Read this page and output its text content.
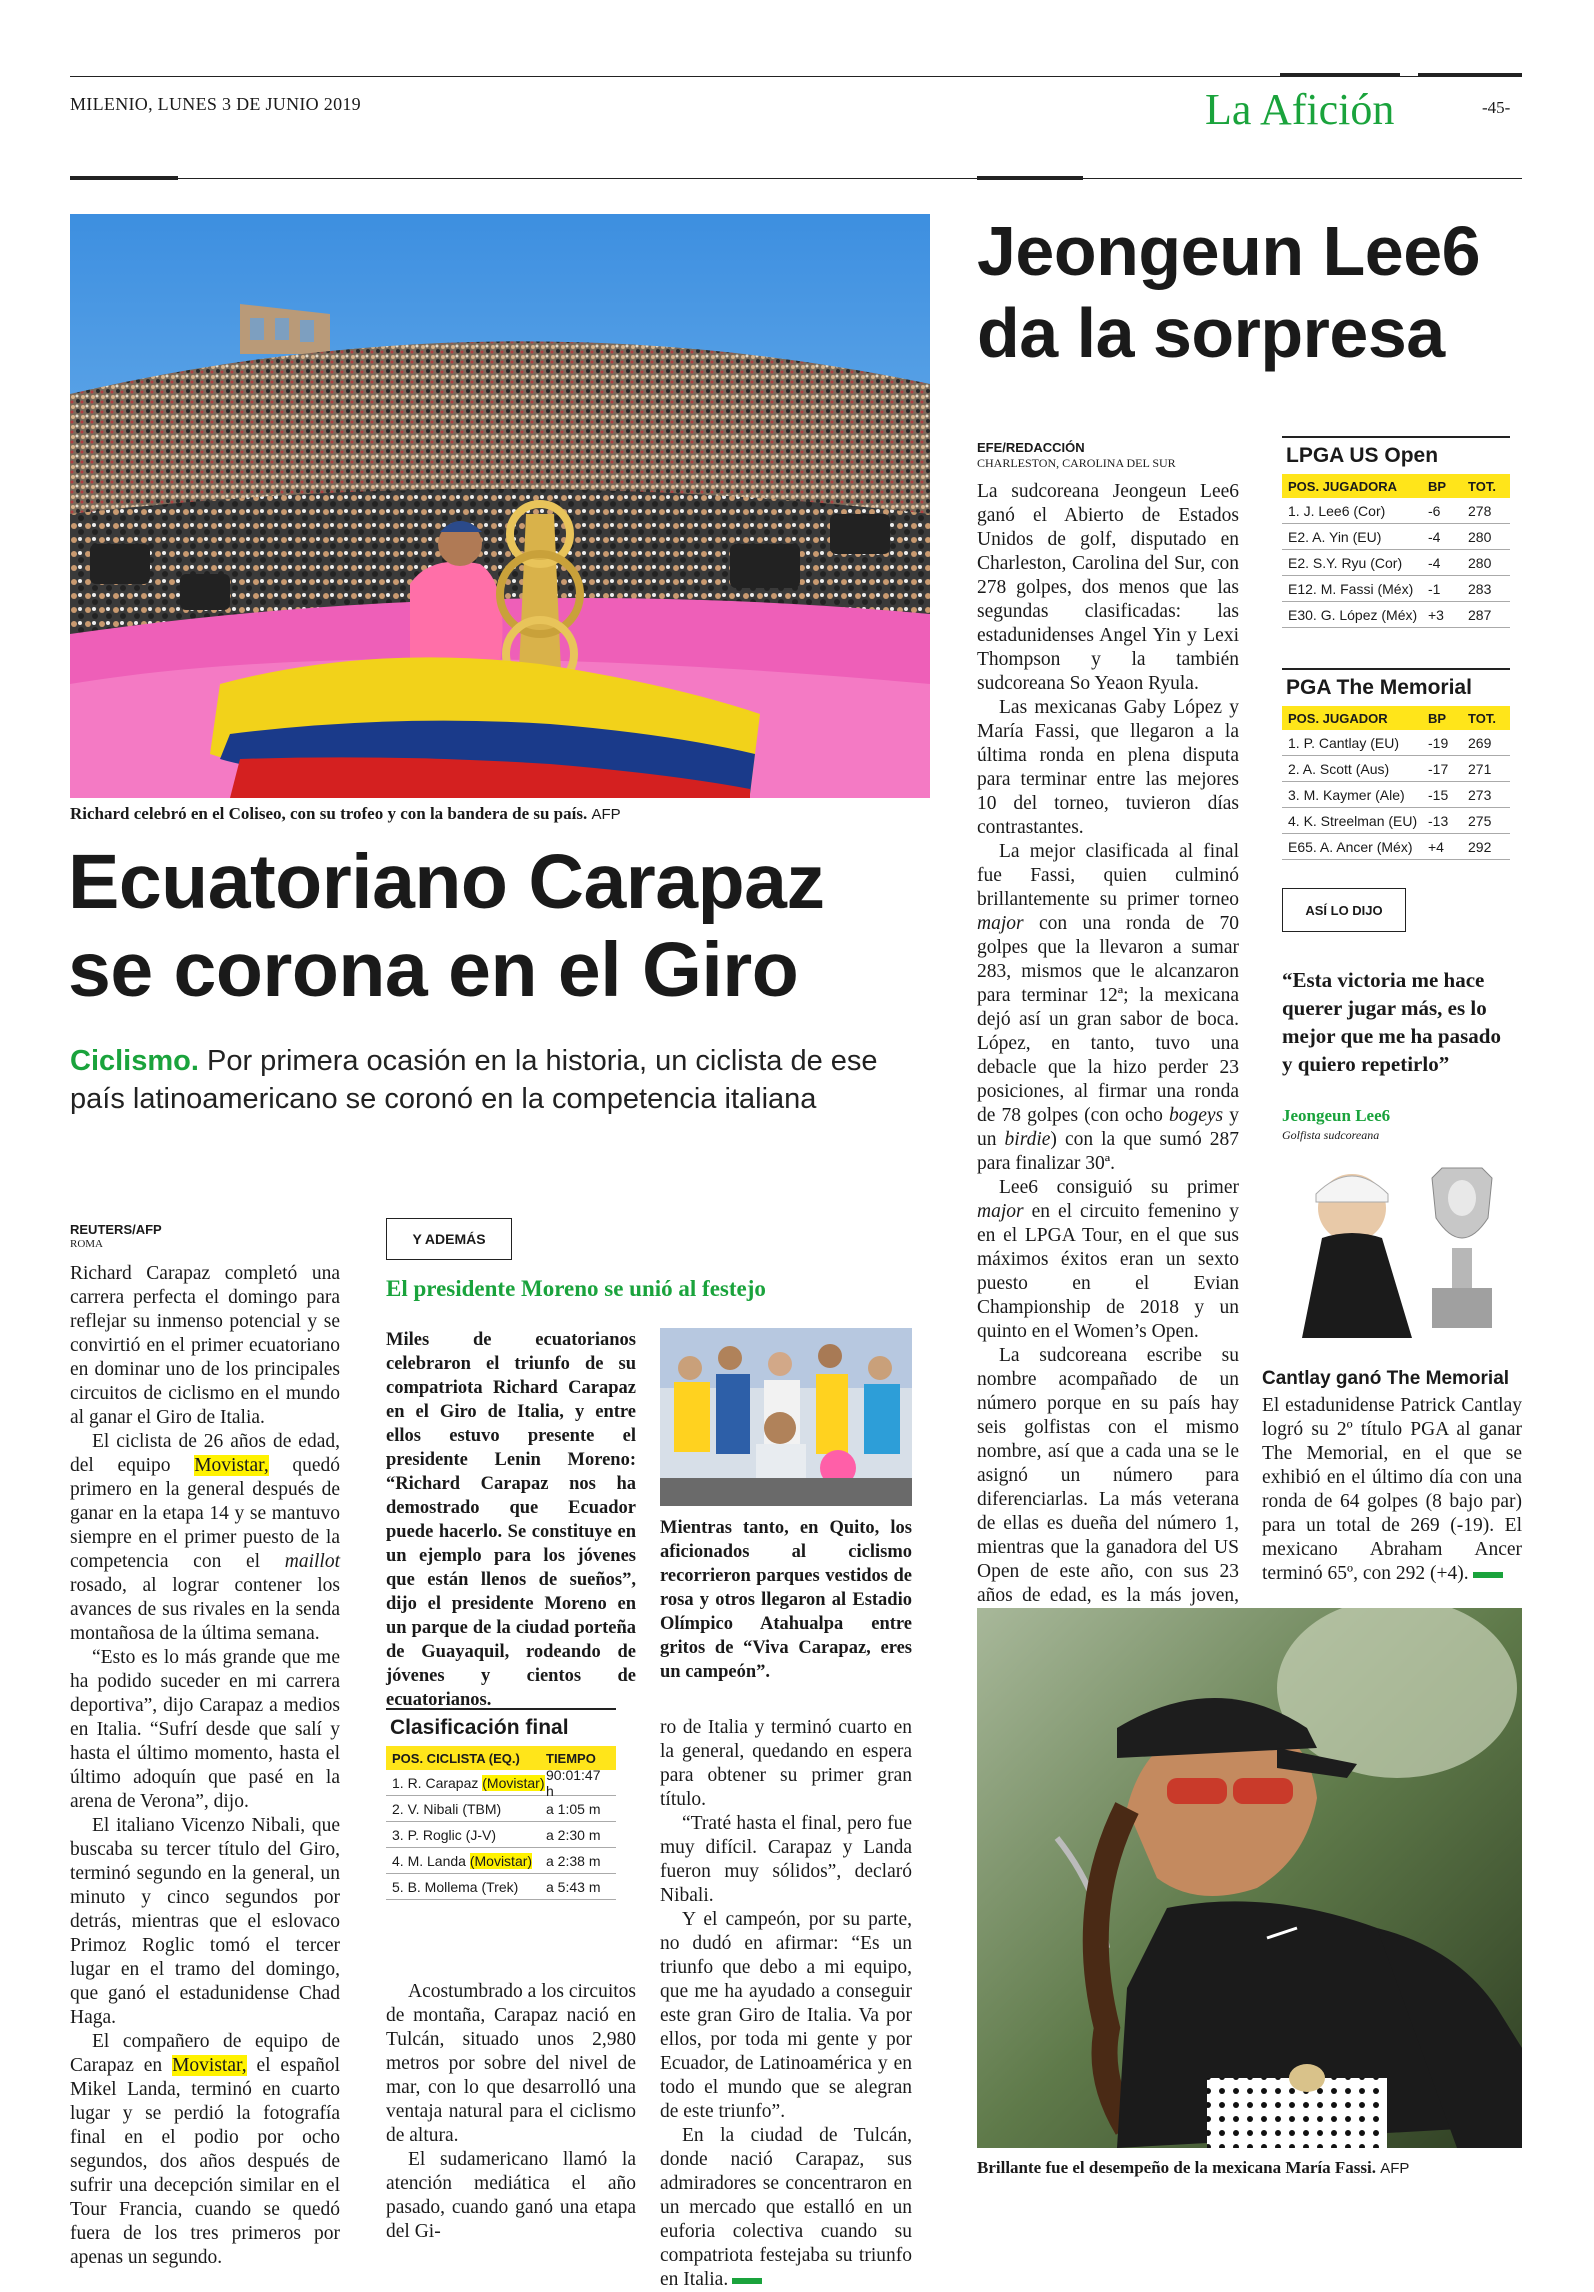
MILENIO, LUNES 3 DE JUNIO 2019	La Afición	-45-
Richard celebró en el Coliseo, con su trofeo y con la bandera de su país. AFP
Ecuatoriano Carapaz
se corona en el Giro
Ciclismo. Por primera ocasión en la historia, un ciclista de ese país latinoamericano se coronó en la competencia italiana
REUTERS/AFP
ROMA

Richard Carapaz completó una carrera perfecta el domingo para reflejar su inmenso potencial y se convirtió en el primer ecuatoriano en dominar uno de los principales circuitos de ciclismo en el mundo al ganar el Giro de Italia.

El ciclista de 26 años de edad, del equipo Movistar, quedó primero en la general después de ganar en la etapa 14 y se mantuvo siempre en el primer puesto de la competencia con el maillot rosado, al lograr contener los avances de sus rivales en la senda montañosa de la última semana.

“Esto es lo más grande que me ha podido suceder en mi carrera deportiva”, dijo Carapaz a medios en Italia. “Sufrí desde que salí y hasta el último momento, hasta el último adoquín que pasé en la arena de Verona”, dijo.

El italiano Vicenzo Nibali, que buscaba su tercer título del Giro, terminó segundo en la general, un minuto y cinco segundos por detrás, mientras que el eslovaco Primoz Roglic tomó el tercer lugar en el tramo del domingo, que ganó el estadunidense Chad Haga.

El compañero de equipo de Carapaz en Movistar, el español Mikel Landa, terminó en cuarto lugar y se perdió la fotografía final en el podio por ocho segundos, dos años después de sufrir una decepción similar en el Tour Francia, cuando se quedó fuera de los tres primeros por apenas un segundo.

Y ADEMÁS
El presidente Moreno se unió al festejo

Miles de ecuatorianos celebraron el triunfo de su compatriota Richard Carapaz en el Giro de Italia, y entre ellos estuvo presente el presidente Lenin Moreno: “Richard Carapaz nos ha demostrado que Ecuador puede hacerlo. Se constituye en un ejemplo para los jóvenes que están llenos de sueños”, dijo el presidente Moreno en un parque de la ciudad porteña de Guayaquil, rodeando de jóvenes y cientos de ecuatorianos.

Mientras tanto, en Quito, los aficionados al ciclismo recorrieron parques vestidos de rosa y otros llegaron al Estadio Olímpico Atahualpa entre gritos de “Viva Carapaz, eres un campeón”.

Clasificación final
POS. CICLISTA (EQ.)	TIEMPO
1. R. Carapaz (Movistar) 90:01:47 h
2. V. Nibali (TBM)	a 1:05 m
3. P. Roglic (J-V)	a 2:30 m
4. M. Landa (Movistar) a 2:38 m
5. B. Mollema (Trek)	a 5:43 m

Acostumbrado a los circuitos de montaña, Carapaz nació en Tulcán, situado unos 2,980 metros por sobre del nivel de mar, con lo que desarrolló una ventaja natural para el ciclismo de altura.

El sudamericano llamó la atención mediática el año pasado, cuando ganó una etapa del Gi-

ro de Italia y terminó cuarto en la general, quedando en espera para obtener su primer gran título.

“Traté hasta el final, pero fue muy difícil. Carapaz y Landa fueron muy sólidos”, declaró Nibali.

Y el campeón, por su parte, no dudó en afirmar: “Es un triunfo que debo a mi equipo, que me ha ayudado a conseguir este gran Giro de Italia. Va por ellos, por toda mi gente y por Ecuador, de Latinoamérica y en todo el mundo que se alegran de este triunfo”.

En la ciudad de Tulcán, donde nació Carapaz, sus admiradores se concentraron en un mercado que estalló en un euforia colectiva cuando su compatriota festejaba su triunfo en Italia.

Jeongeun Lee6
da la sorpresa
EFE/REDACCIÓN
CHARLESTON, CAROLINA DEL SUR

La sudcoreana Jeongeun Lee6 ganó el Abierto de Estados Unidos de golf, disputado en Charleston, Carolina del Sur, con 278 golpes, dos menos que las segundas clasificadas: las estadunidenses Angel Yin y Lexi Thompson y la también sudcoreana So Yeaon Ryula.

Las mexicanas Gaby López y María Fassi, que llegaron a la última ronda en plena disputa para terminar entre las mejores 10 del torneo, tuvieron días contrastantes.

La mejor clasificada al final fue Fassi, quien culminó brillantemente su primer torneo major con una ronda de 70 golpes que la llevaron a sumar 283, mismos que le alcanzaron para terminar 12ª; la mexicana dejó así un gran sabor de boca. López, en tanto, tuvo una debacle que la hizo perder 23 posiciones, al firmar una ronda de 78 golpes (con ocho bogeys y un birdie) con la que sumó 287 para finalizar 30ª.

Lee6 consiguió su primer major en el circuito femenino y en el LPGA Tour, en el que sus máximos éxitos eran un sexto puesto en el Evian Championship de 2018 y un quinto en el Women’s Open.

La sudcoreana escribe su nombre acompañado de un número porque en su país hay seis golfistas con el mismo nombre, así que a cada una se le asignó un número para diferenciarlas. La más veterana de ellas es dueña del número 1, mientras que la ganadora del US Open de este año, con sus 23 años de edad, es la más joven,

LPGA US Open
POS. JUGADORA	BP	TOT.
1. J. Lee6 (Cor)	-6	278
E2. A. Yin (EU)	-4	280
E2. S.Y. Ryu (Cor)	-4	280
E12. M. Fassi (Méx)	-1	283
E30. G. López (Méx) +3	287
PGA The Memorial
POS. JUGADOR	BP	TOT.
1. P. Cantlay (EU)	-19	269
2. A. Scott (Aus)	-17	271
3. M. Kaymer (Ale)	-15	273
4. K. Streelman (EU) -13	275
E65. A. Ancer (Méx)	+4	292
ASÍ LO DIJO
“Esta victoria me hace querer jugar más, es lo mejor que me ha pasado y quiero repetirlo”
Jeongeun Lee6
Golfista sudcoreana
Cantlay ganó The Memorial

El estadunidense Patrick Cantlay logró su 2º título PGA al ganar The Memorial, en el que se exhibió en el último día con una ronda de 64 golpes (8 bajo par) para un total de 269 (-19). El mexicano Abraham Ancer terminó 65º, con 292 (+4).

Brillante fue el desempeño de la mexicana María Fassi. AFP
